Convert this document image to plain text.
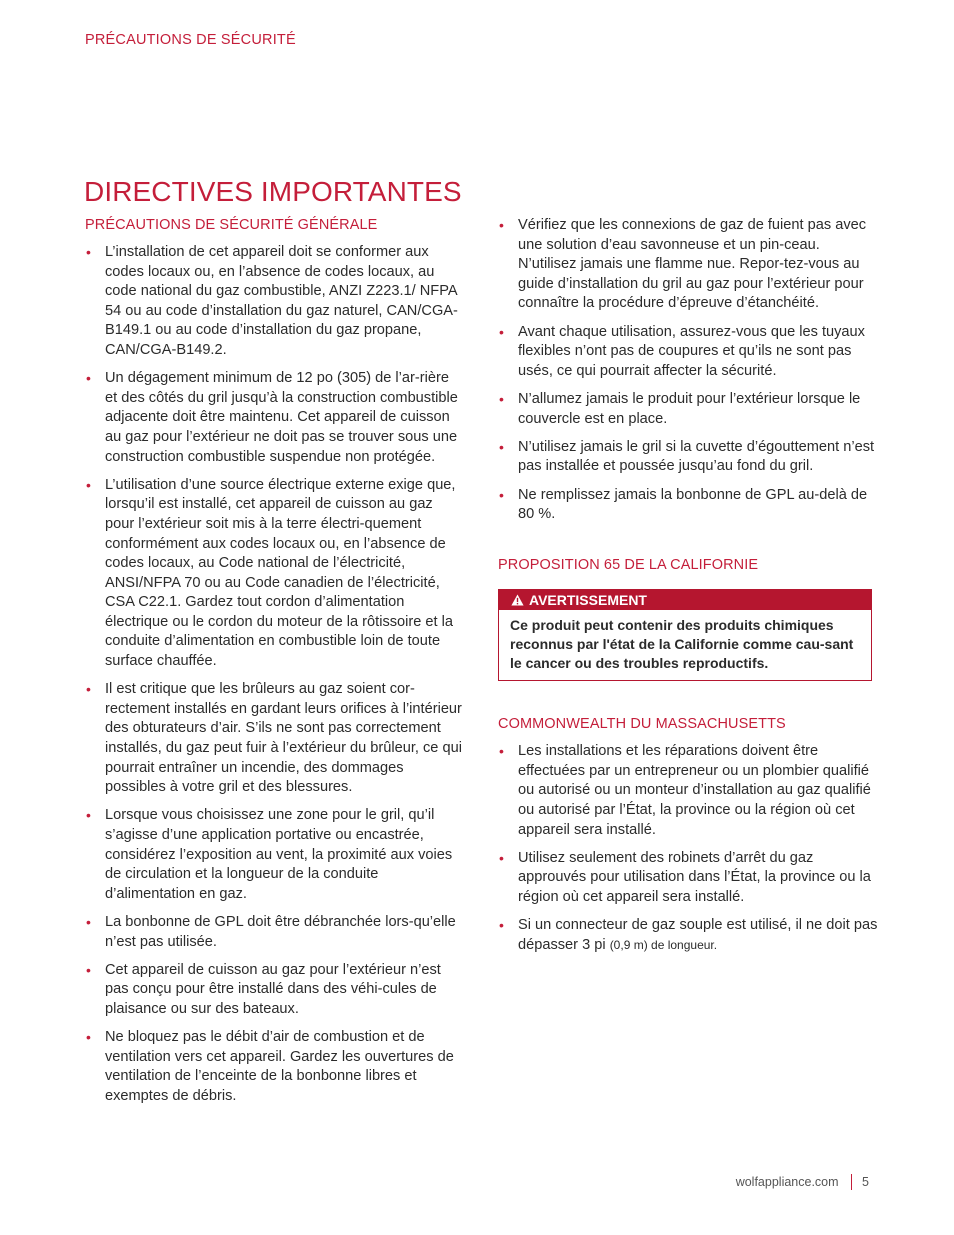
PRÉCAUTIONS DE SÉCURITÉ
DIRECTIVES IMPORTANTES
PRÉCAUTIONS DE SÉCURITÉ GÉNÉRALE
• L’installation de cet appareil doit se conformer aux codes locaux ou, en l’absence de codes locaux, au code national du gaz combustible, ANZI Z223.1/ NFPA 54 ou au code d’installation du gaz naturel, CAN/CGA-B149.1 ou au code d’installation du gaz propane, CAN/CGA-B149.2.
• Un dégagement minimum de 12 po (305) de l’ar-rière et des côtés du gril jusqu’à la construction combustible adjacente doit être maintenu. Cet appareil de cuisson au gaz pour l’extérieur ne doit pas se trouver sous une construction combustible suspendue non protégée.
• L’utilisation d’une source électrique externe exige que, lorsqu’il est installé, cet appareil de cuisson au gaz pour l’extérieur soit mis à la terre électri-quement conformément aux codes locaux ou, en l’absence de codes locaux, au Code national de l’électricité, ANSI/NFPA 70 ou au Code canadien de l’électricité, CSA C22.1. Gardez tout cordon d’alimentation électrique ou le cordon du moteur de la rôtissoire et la conduite d’alimentation en combustible loin de toute surface chauffée.
• Il est critique que les brûleurs au gaz soient cor-rectement installés en gardant leurs orifices à l’intérieur des obturateurs d’air. S’ils ne sont pas correctement installés, du gaz peut fuir à l’extérieur du brûleur, ce qui pourrait entraîner un incendie, des dommages possibles à votre gril et des blessures.
• Lorsque vous choisissez une zone pour le gril, qu’il s’agisse d’une application portative ou encastrée, considérez l’exposition au vent, la proximité aux voies de circulation et la longueur de la conduite d’alimentation en gaz.
• La bonbonne de GPL doit être débranchée lors-qu’elle n’est pas utilisée.
• Cet appareil de cuisson au gaz pour l’extérieur n’est pas conçu pour être installé dans des véhi-cules de plaisance ou sur des bateaux.
• Ne bloquez pas le débit d’air de combustion et de ventilation vers cet appareil. Gardez les ouvertures de ventilation de l’enceinte de la bonbonne libres et exemptes de débris.
• Vérifiez que les connexions de gaz de fuient pas avec une solution d’eau savonneuse et un pin-ceau. N’utilisez jamais une flamme nue. Repor-tez-vous au guide d’installation du gril au gaz pour l’extérieur pour connaître la procédure d’épreuve d’étanchéité.
• Avant chaque utilisation, assurez-vous que les tuyaux flexibles n’ont pas de coupures et qu’ils ne sont pas usés, ce qui pourrait affecter la sécurité.
• N’allumez jamais le produit pour l’extérieur lorsque le couvercle est en place.
• N’utilisez jamais le gril si la cuvette d’égouttement n’est pas installée et poussée jusqu’au fond du gril.
• Ne remplissez jamais la bonbonne de GPL au-delà de 80 %.
PROPOSITION 65 DE LA CALIFORNIE
AVERTISSEMENT
Ce produit peut contenir des produits chimiques reconnus par l'état de la Californie comme cau-sant le cancer ou des troubles reproductifs.
COMMONWEALTH DU MASSACHUSETTS
• Les installations et les réparations doivent être effectuées par un entrepreneur ou un plombier qualifié ou autorisé ou un monteur d’installation au gaz qualifié ou autorisé par l’État, la province ou la région où cet appareil sera installé.
• Utilisez seulement des robinets d’arrêt du gaz approuvés pour utilisation dans l’État, la province ou la région où cet appareil sera installé.
• Si un connecteur de gaz souple est utilisé, il ne doit pas dépasser 3 pi (0,9 m) de longueur.
wolfappliance.com 5
